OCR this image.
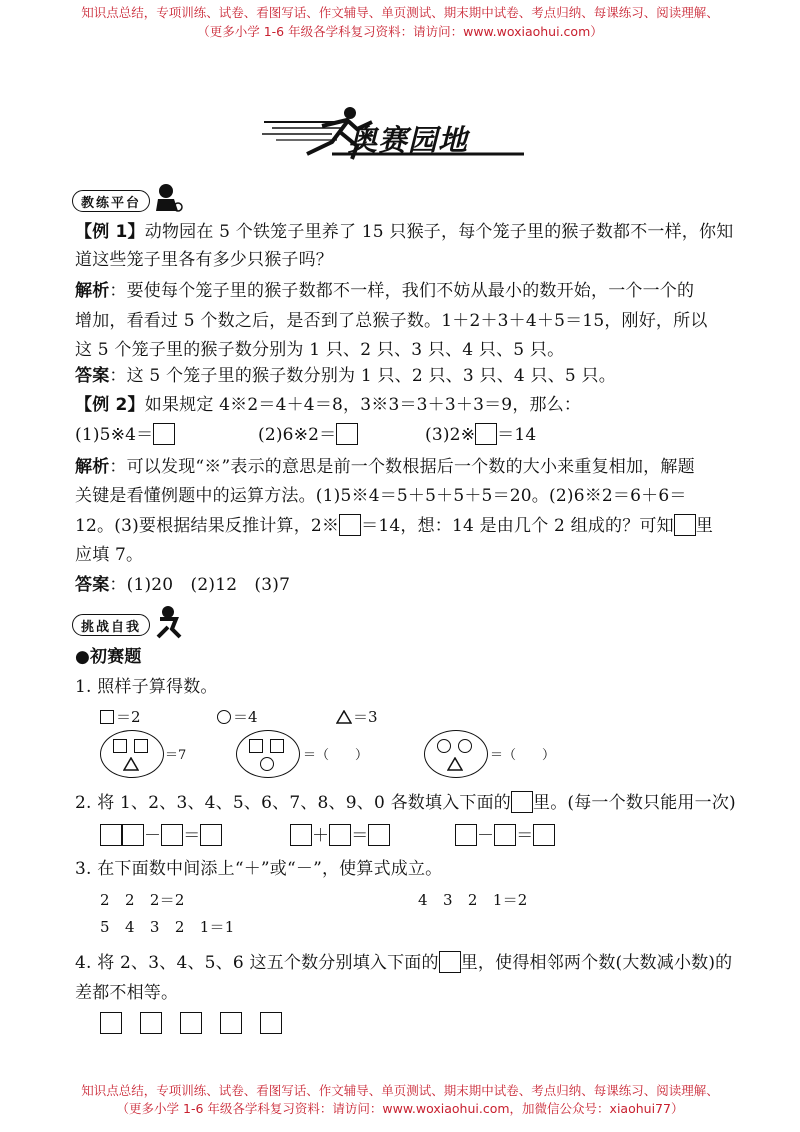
知识点总结，专项训练、试卷、看图写话、作文辅导、单页测试、期末期中试卷、考点归纳、每课练习、阅读理解、
（更多小学 1-6 年级各学科复习资料：请访问：www.woxiaohui.com）
奥赛园地
教练平台
【例 1】动物园在 5 个铁笼子里养了 15 只猴子，每个笼子里的猴子数都不一样，你知
道这些笼子里各有多少只猴子吗？
解析：要使每个笼子里的猴子数都不一样，我们不妨从最小的数开始，一个一个的
增加，看看过 5 个数之后，是否到了总猴子数。1＋2＋3＋4＋5＝15，刚好，所以
这 5 个笼子里的猴子数分别为 1 只、2 只、3 只、4 只、5 只。
答案：这 5 个笼子里的猴子数分别为 1 只、2 只、3 只、4 只、5 只。
【例 2】如果规定 4※2＝4＋4＝8，3※3＝3＋3＋3＝9，那么：
(1)5※4＝	(2)6※2＝	(3)2※ ＝14
解析：可以发现“※”表示的意思是前一个数根据后一个数的大小来重复相加，解题
关键是看懂例题中的运算方法。(1)5※4＝5＋5＋5＋5＝20。(2)6※2＝6＋6＝
12。(3)要根据结果反推计算，2※ ＝14，想：14 是由几个 2 组成的？可知 里
应填 7。
答案：(1)20　(2)12　(3)7
挑战自我
●初赛题
1. 照样子算得数。
＝2	＝4	＝3
＝7	＝（　　）	＝（　　）
2. 将 1、2、3、4、5、6、7、8、9、0 各数填入下面的 里。(每一个数只能用一次)
－ ＝	＋ ＝	－ ＝
3. 在下面数中间添上“＋”或“－”，使算式成立。
2　2　2＝2	4　3　2　1＝2
5　4　3　2　1＝1
4. 将 2、3、4、5、6 这五个数分别填入下面的 里，使得相邻两个数(大数减小数)的
差都不相等。
知识点总结，专项训练、试卷、看图写话、作文辅导、单页测试、期末期中试卷、考点归纳、每课练习、阅读理解、
（更多小学 1-6 年级各学科复习资料：请访问：www.woxiaohui.com，加微信公众号：xiaohui77）
